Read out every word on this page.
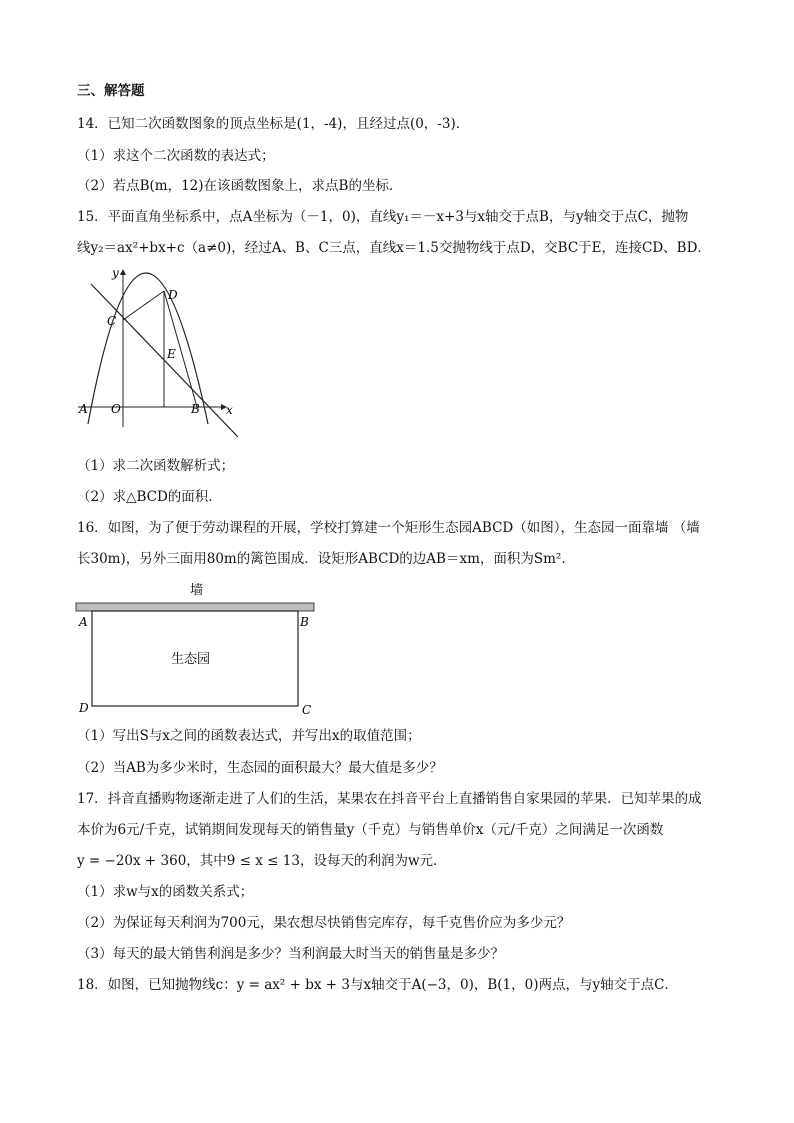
三、解答题
14．已知二次函数图象的顶点坐标是(1，-4)，且经过点(0，-3)．
（1）求这个二次函数的表达式；
（2）若点B(m，12)在该函数图象上，求点B的坐标．
15．平面直角坐标系中，点A坐标为（－1，0)，直线y₁＝－x+3与x轴交于点B，与y轴交于点C，抛物
线y₂＝ax²+bx+c（a≠0)，经过A、B、C三点，直线x＝1.5交抛物线于点D，交BC于E，连接CD、BD．
y
x
A O	B
C
D
E
（1）求二次函数解析式；
（2）求△BCD的面积．
16．如图，为了便于劳动课程的开展，学校打算建一个矩形生态园ABCD（如图），生态园一面靠墙 （墙
长30m)，另外三面用80m的篱笆围成．设矩形ABCD的边AB＝xm，面积为Sm²．
墙
生态园
A	B
D	C
（1）写出S与x之间的函数表达式，并写出x的取值范围；
（2）当AB为多少米时，生态园的面积最大？最大值是多少？
17．抖音直播购物逐渐走进了人们的生活，某果农在抖音平台上直播销售自家果园的苹果．已知苹果的成
本价为6元/千克，试销期间发现每天的销售量y（千克）与销售单价x（元/千克）之间满足一次函数
y = −20x + 360，其中9 ≤ x ≤ 13，设每天的利润为w元．
（1）求w与x的函数关系式；
（2）为保证每天利润为700元，果农想尽快销售完库存，每千克售价应为多少元？
（3）每天的最大销售利润是多少？当利润最大时当天的销售量是多少？
18．如图，已知抛物线c：y = ax² + bx + 3与x轴交于A(−3，0)，B(1，0)两点，与y轴交于点C．
